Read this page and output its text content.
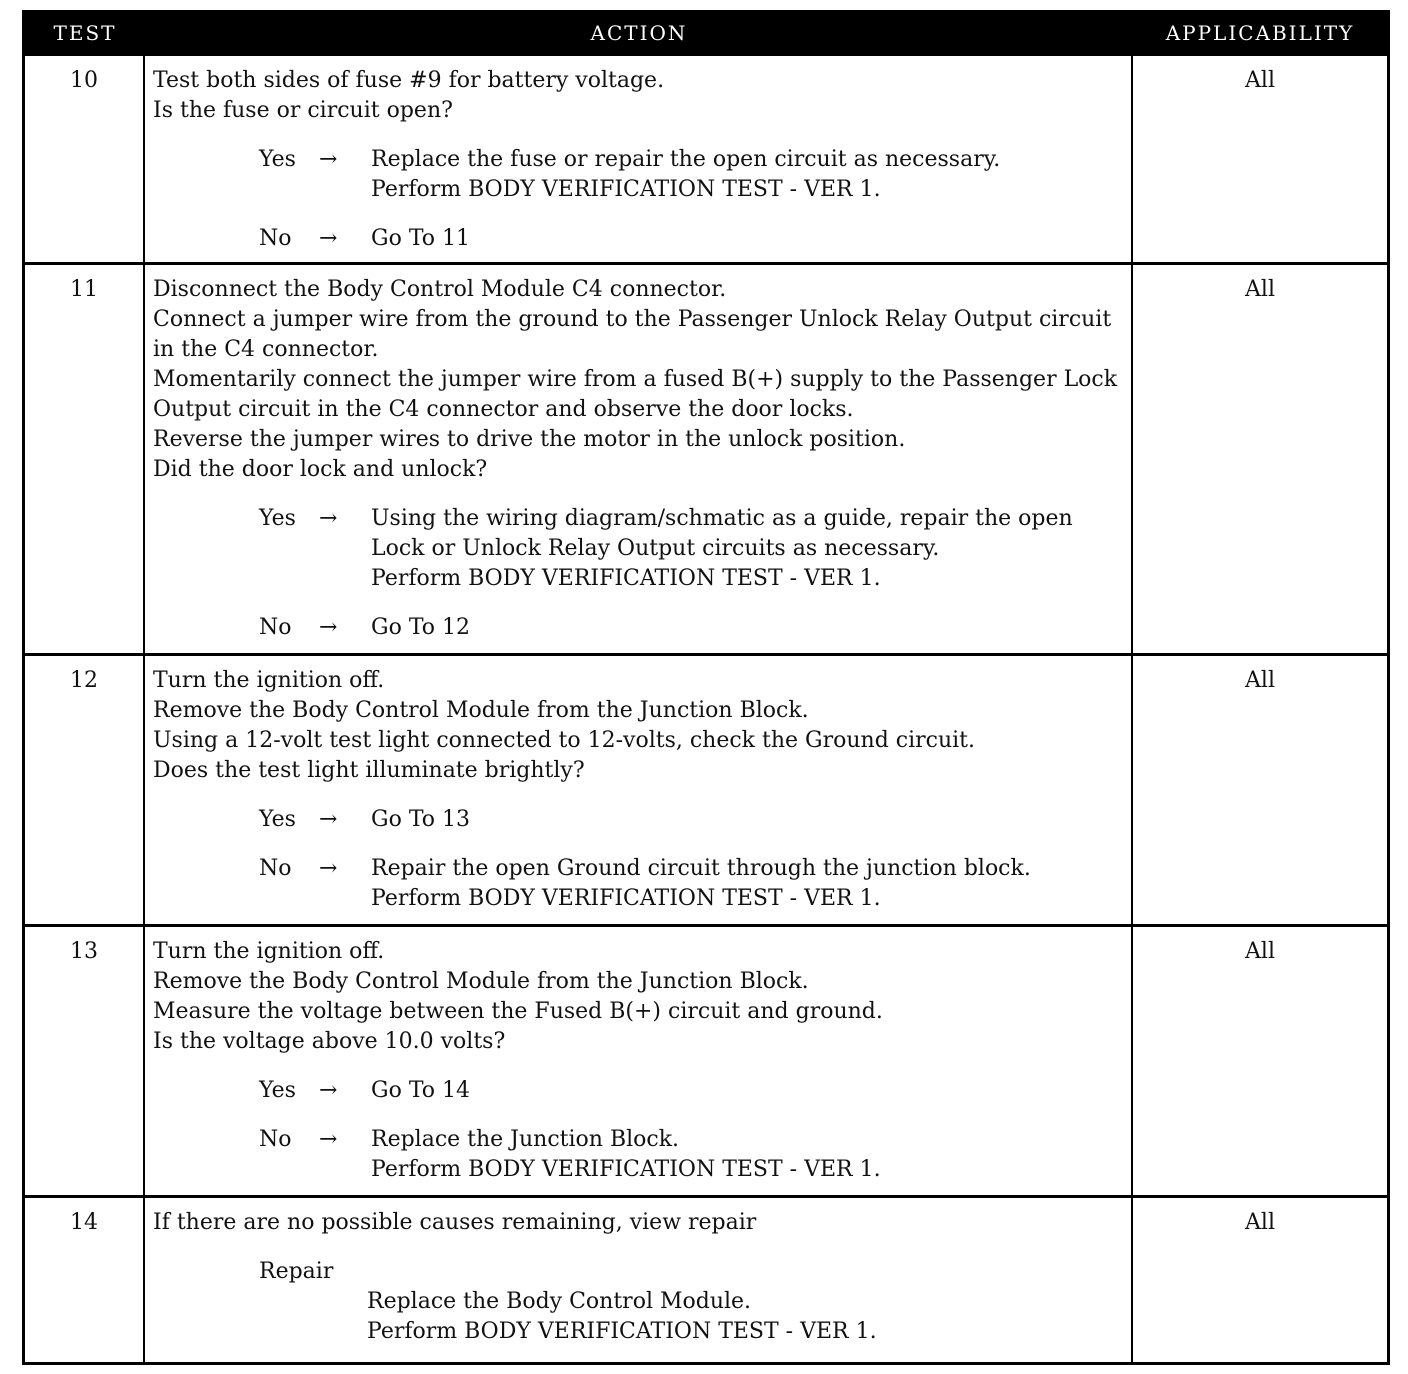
TEST	ACTION	APPLICABILITY
10	Test both sides of fuse #9 for battery voltage.
Is the fuse or circuit open?
Yes	→	Replace the fuse or repair the open circuit as necessary.
Perform BODY VERIFICATION TEST - VER 1.
No	→	Go To 11
All
11	Disconnect the Body Control Module C4 connector.
Connect a jumper wire from the ground to the Passenger Unlock Relay Output circuit
in the C4 connector.
Momentarily connect the jumper wire from a fused B(+) supply to the Passenger Lock
Output circuit in the C4 connector and observe the door locks.
Reverse the jumper wires to drive the motor in the unlock position.
Did the door lock and unlock?
Yes	→	Using the wiring diagram/schmatic as a guide, repair the open
Lock or Unlock Relay Output circuits as necessary.
Perform BODY VERIFICATION TEST - VER 1.
No	→	Go To 12
All
12	Turn the ignition off.
Remove the Body Control Module from the Junction Block.
Using a 12-volt test light connected to 12-volts, check the Ground circuit.
Does the test light illuminate brightly?
Yes	→	Go To 13
No	→	Repair the open Ground circuit through the junction block.
Perform BODY VERIFICATION TEST - VER 1.
All
13	Turn the ignition off.
Remove the Body Control Module from the Junction Block.
Measure the voltage between the Fused B(+) circuit and ground.
Is the voltage above 10.0 volts?
Yes	→	Go To 14
No	→	Replace the Junction Block.
Perform BODY VERIFICATION TEST - VER 1.
All
14	If there are no possible causes remaining, view repair
Repair
Replace the Body Control Module.
Perform BODY VERIFICATION TEST - VER 1.
All
